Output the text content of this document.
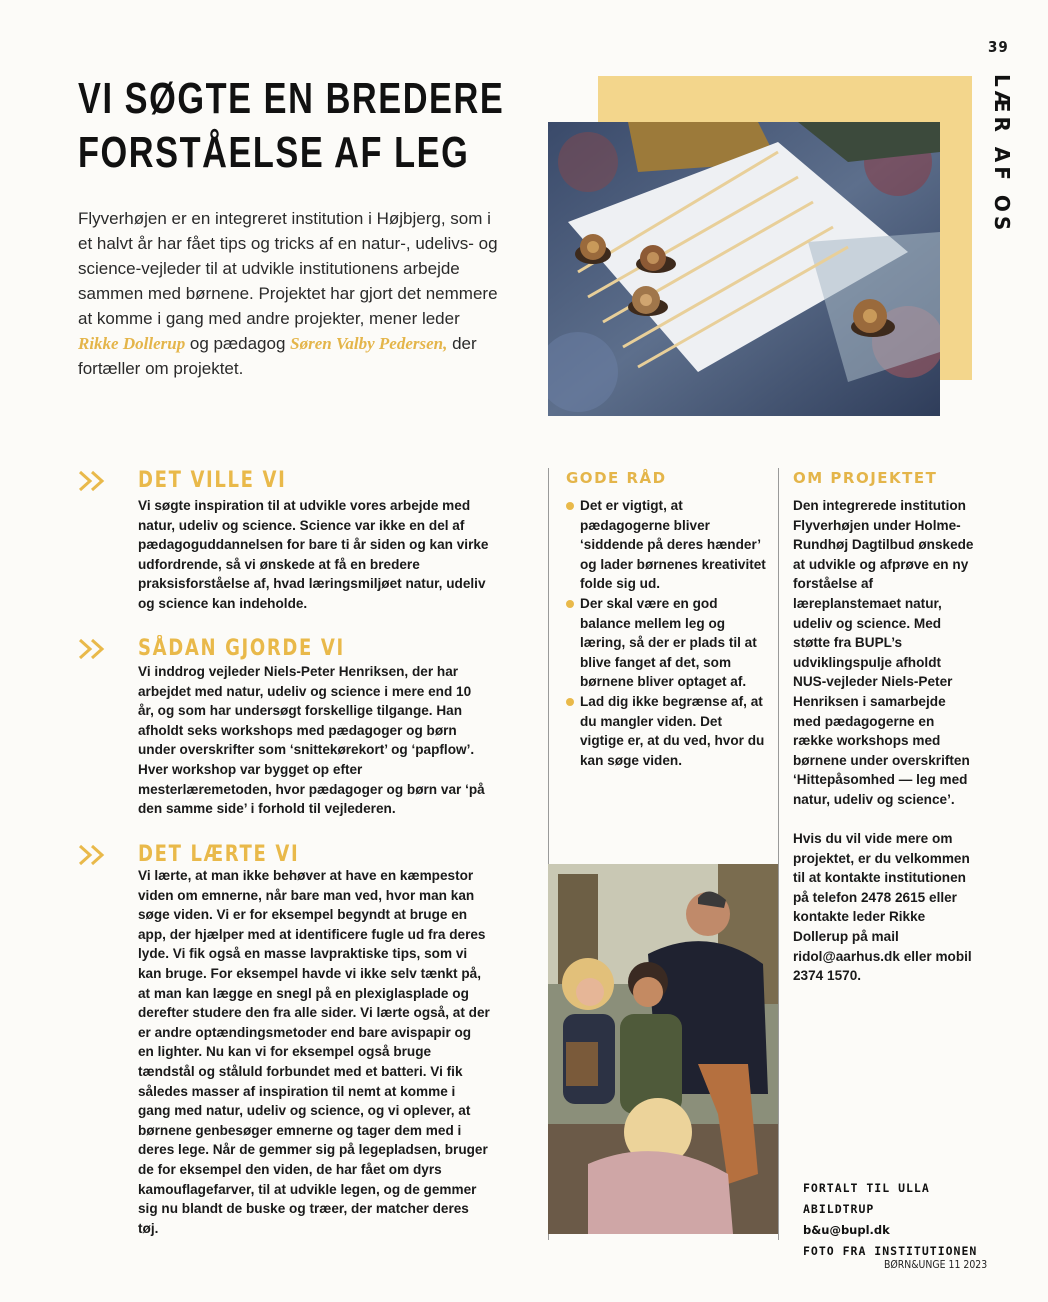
39
LÆR AF OS
VI SØGTE EN BREDERE
FORSTÅELSE AF LEG

Flyverhøjen er en integreret institution i Højbjerg, som i et halvt år har fået tips og tricks af en natur-, udelivs- og science-vejleder til at udvikle institutionens arbejde sammen med børnene. Projektet har gjort det nemmere at komme i gang med andre projekter, mener leder Rikke Dollerup og pædagog Søren Valby Pedersen, der fortæller om projektet.

DET VILLE VI

Vi søgte inspiration til at udvikle vores arbejde med natur, udeliv og science. Science var ikke en del af pædagoguddannelsen for bare ti år siden og kan virke udfordrende, så vi ønskede at få en bredere praksisforståelse af, hvad læringsmiljøet natur, udeliv og science kan indeholde.

SÅDAN GJORDE VI

Vi inddrog vejleder Niels-Peter Henriksen, der har arbejdet med natur, udeliv og science i mere end 10 år, og som har undersøgt forskellige tilgange. Han afholdt seks workshops med pædagoger og børn under overskrifter som ‘snittekørekort’ og ‘papflow’. Hver workshop var bygget op efter mesterlæremetoden, hvor pædagoger og børn var ‘på den samme side’ i forhold til vejlederen.

DET LÆRTE VI

Vi lærte, at man ikke behøver at have en kæmpestor viden om emnerne, når bare man ved, hvor man kan søge viden. Vi er for eksempel begyndt at bruge en app, der hjælper med at identificere fugle ud fra deres lyde. Vi fik også en masse lavpraktiske tips, som vi kan bruge. For eksempel havde vi ikke selv tænkt på, at man kan lægge en snegl på en plexiglasplade og derefter studere den fra alle sider. Vi lærte også, at der er andre optændingsmetoder end bare avispapir og en lighter. Nu kan vi for eksempel også bruge tændstål og ståluld forbundet med et batteri. Vi fik således masser af inspiration til nemt at komme i gang med natur, udeliv og science, og vi oplever, at børnene genbesøger emnerne og tager dem med i deres lege. Når de gemmer sig på legepladsen, bruger de for eksempel den viden, de har fået om dyrs kamouflagefarver, til at udvikle legen, og de gemmer sig nu blandt de buske og træer, der matcher deres tøj.

GODE RÅD
Det er vigtigt, at pædagogerne bliver ‘siddende på deres hænder’ og lader børnenes kreativitet folde sig ud.
Der skal være en god balance mellem leg og læring, så der er plads til at blive fanget af det, som børnene bliver optaget af.
Lad dig ikke begrænse af, at du mangler viden. Det vigtige er, at du ved, hvor du kan søge viden.
OM PROJEKTET

Den integrerede institution Flyverhøjen under Holme-Rundhøj Dagtilbud ønskede at udvikle og afprøve en ny forståelse af læreplanstemaet natur, udeliv og science. Med støtte fra BUPL’s udviklingspulje afholdt NUS-vejleder Niels-Peter Henriksen i samarbejde med pædagogerne en række workshops med børnene under overskriften ‘Hittepåsomhed — leg med natur, udeliv og science’.

Hvis du vil vide mere om projektet, er du velkommen til at kontakte institutionen på telefon 2478 2615 eller kontakte leder Rikke Dollerup på mail ridol@aarhus.dk eller mobil 2374 1570.

FORTALT TIL ULLA ABILDTRUP
b&u@bupl.dk
FOTO FRA INSTITUTIONEN
BØRN&UNGE 11 2023
